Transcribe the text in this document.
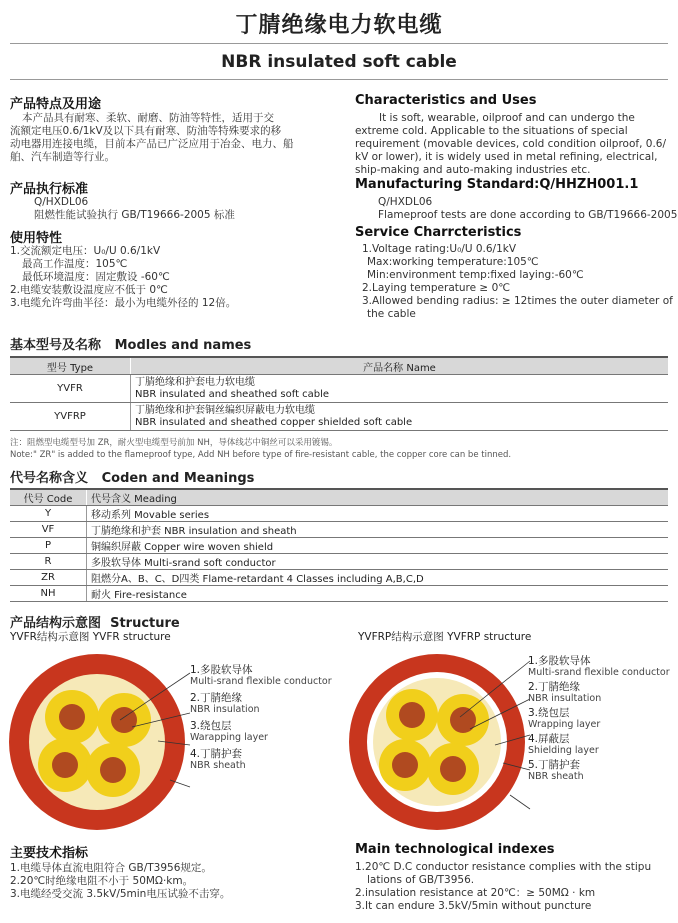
丁腈绝缘电力软电缆
NBR insulated soft cable
产品特点及用途
本产品具有耐寒、柔软、耐磨、防油等特性，适用于交
流额定电压0.6/1kV及以下具有耐寒、防油等特殊要求的移
动电器用连接电缆，目前本产品已广泛应用于冶金、电力、船
舶、汽车制造等行业。
产品执行标准
Q/HXDL06
阻燃性能试验执行 GB/T19666-2005 标准
使用特性
1.交流额定电压：U₀/U 0.6/1kV
最高工作温度：105℃
最低环境温度：固定敷设 -60℃
2.电缆安装敷设温度应不低于 0℃
3.电缆允许弯曲半径：最小为电缆外径的 12倍。
Characteristics and Uses
It is soft, wearable, oilproof and can undergo the
extreme cold. Applicable to the situations of special
requirement (movable devices, cold condition oilproof, 0.6/
kV or lower), it is widely used in metal refining, electrical,
ship-making and auto-making industries etc.
Manufacturing Standard:Q/HHZH001.1
Q/HXDL06
Flameproof tests are done according to GB/T19666-2005
Service Charrcteristics
1.Voltage rating:U₀/U 0.6/1kV
Max:working temperature:105℃
Min:environment temp:fixed laying:-60℃
2.Laying temperature ≥ 0℃
3.Allowed bending radius: ≥ 12times the outer diameter of
the cable
基本型号及名称 Modles and names
型号 Type	产品名称 Name
YVFR	丁腈绝缘和护套电力软电缆
NBR insulated and sheathed soft cable

YVFRP	丁腈绝缘和护套铜丝编织屏蔽电力软电缆
NBR insulated and sheathed copper shielded soft cable
注：阻燃型电缆型号加 ZR，耐火型电缆型号前加 NH，导体线芯中铜丝可以采用镀锡。
Note:" ZR" is added to the flameproof type, Add NH before type of fire-resistant cable, the copper core can be tinned.
代号名称含义 Coden and Meanings
代号 Code	代号含义 Meading
Y	移动系列 Movable series
VF	丁腈绝缘和护套 NBR insulation and sheath
P	铜编织屏蔽 Copper wire woven shield
R	多股软导体 Multi-srand soft conductor
ZR	阻燃分A、B、C、D四类 Flame-retardant 4 Classes including A,B,C,D
NH	耐火 Fire-resistance
产品结构示意图 Structure
YVFR结构示意图 YVFR structure	YVFRP结构示意图 YVFRP structure
1.多股软导体
Multi-srand flexible conductor
2.丁腈绝缘
NBR insulation
3.绕包层
Warapping layer
4.丁腈护套
NBR sheath
1.多股软导体
Multi-srand flexible conductor
2.丁腈绝缘
NBR insultation
3.绕包层
Wrapping layer
4.屏蔽层
Shielding layer
5.丁腈护套
NBR sheath
主要技术指标
1.电缆导体直流电阻符合 GB/T3956规定。
2.20℃时绝缘电阻不小于 50MΩ·km。
3.电缆经受交流 3.5kV/5min电压试验不击穿。
Main technological indexes
1.20℃ D.C conductor resistance complies with the stipu
lations of GB/T3956.
2.insulation resistance at 20℃：≥ 50MΩ · km
3.It can endure 3.5kV/5min without puncture
